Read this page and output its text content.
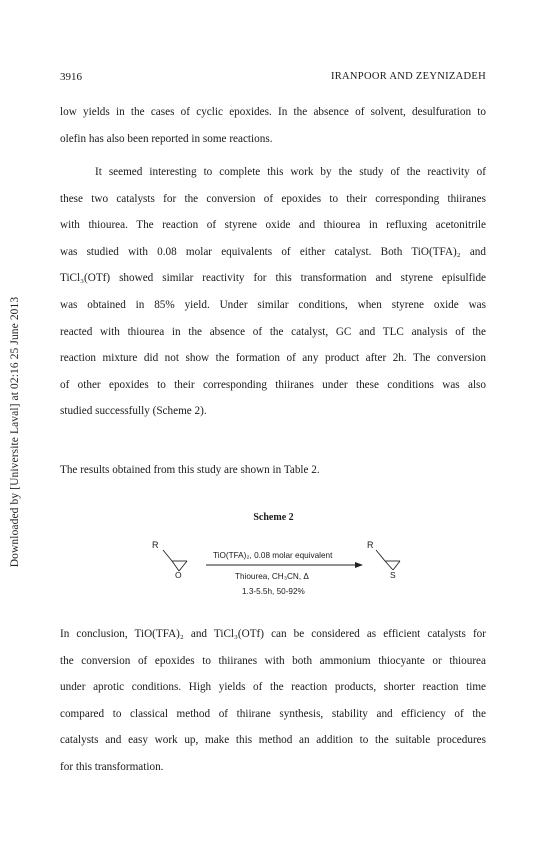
Downloaded by [Universite Laval] at 02:16 25 June 2013
3916	IRANPOOR AND ZEYNIZADEH
low yields in the cases of cyclic epoxides. In the absence of solvent, desulfuration to
olefin has also been reported in some reactions.
It seemed interesting to complete this work by the study of the reactivity of
these two catalysts for the conversion of epoxides to their corresponding thiiranes
with thiourea. The reaction of styrene oxide and thiourea in refluxing acetonitrile
was studied with 0.08 molar equivalents of either catalyst. Both TiO(TFA)₂ and
TiCl₃(OTf) showed similar reactivity for this transformation and styrene episulfide
was obtained in 85% yield. Under similar conditions, when styrene oxide was
reacted with thiourea in the absence of the catalyst, GC and TLC analysis of the
reaction mixture did not show the formation of any product after 2h. The conversion
of other epoxides to their corresponding thiiranes under these conditions was also
studied successfully (Scheme 2).
The results obtained from this study are shown in Table 2.
Scheme 2
R
O
TiO(TFA)₂, 0.08 molar equivalent
Thiourea, CH₃CN, Δ
1.3-5.5h, 50-92%
R
S
In conclusion, TiO(TFA)₂ and TiCl₃(OTf) can be considered as efficient catalysts for
the conversion of epoxides to thiiranes with both ammonium thiocyante or thiourea
under aprotic conditions. High yields of the reaction products, shorter reaction time
compared to classical method of thiirane synthesis, stability and efficiency of the
catalysts and easy work up, make this method an addition to the suitable procedures
for this transformation.
